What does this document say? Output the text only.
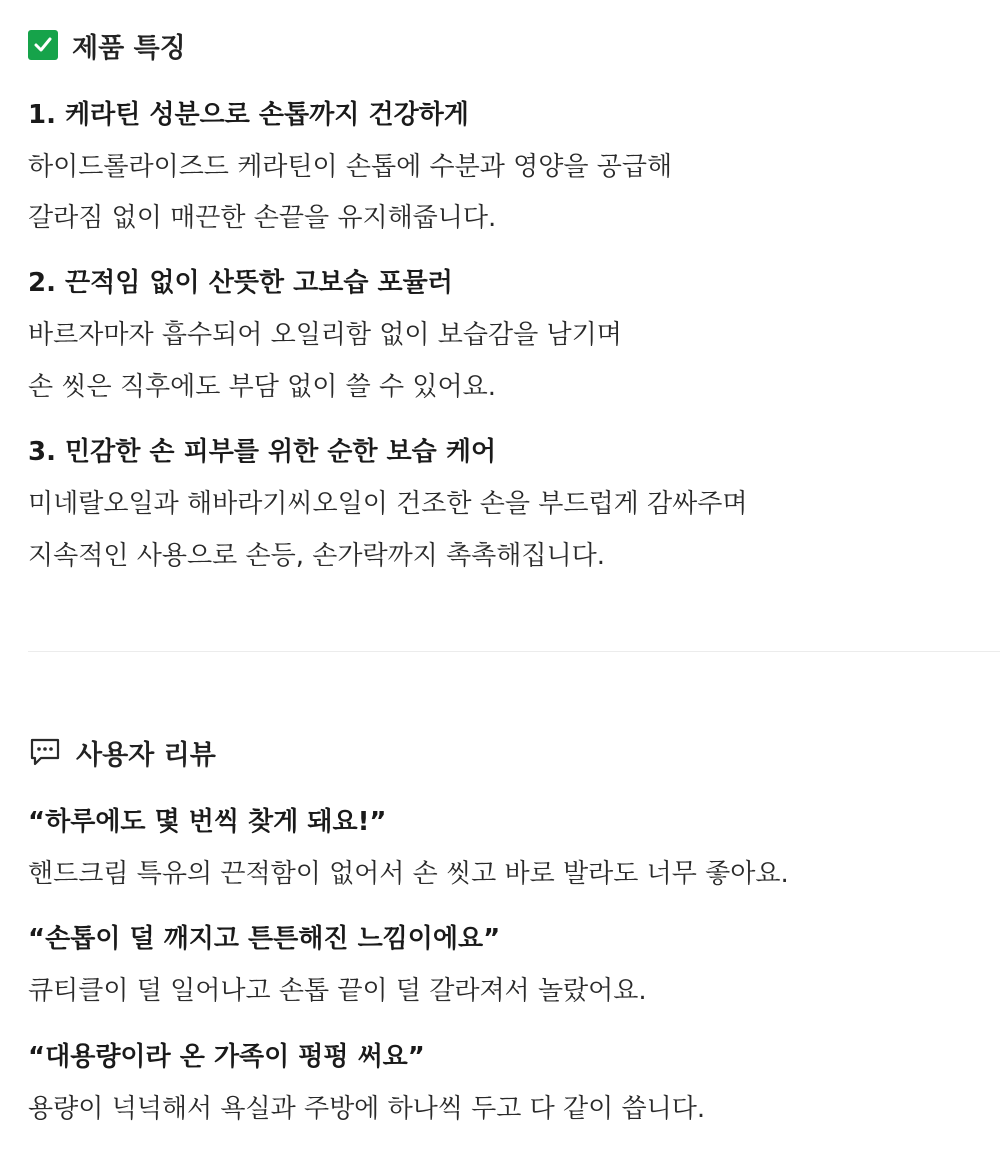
제품 특징
1. 케라틴 성분으로 손톱까지 건강하게
하이드롤라이즈드 케라틴이 손톱에 수분과 영양을 공급해
갈라짐 없이 매끈한 손끝을 유지해줍니다.
2. 끈적임 없이 산뜻한 고보습 포뮬러
바르자마자 흡수되어 오일리함 없이 보습감을 남기며
손 씻은 직후에도 부담 없이 쓸 수 있어요.
3. 민감한 손 피부를 위한 순한 보습 케어
미네랄오일과 해바라기씨오일이 건조한 손을 부드럽게 감싸주며
지속적인 사용으로 손등, 손가락까지 촉촉해집니다.
사용자 리뷰
“하루에도 몇 번씩 찾게 돼요!”
핸드크림 특유의 끈적함이 없어서 손 씻고 바로 발라도 너무 좋아요.
“손톱이 덜 깨지고 튼튼해진 느낌이에요”
큐티클이 덜 일어나고 손톱 끝이 덜 갈라져서 놀랐어요.
“대용량이라 온 가족이 펑펑 써요”
용량이 넉넉해서 욕실과 주방에 하나씩 두고 다 같이 씁니다.
